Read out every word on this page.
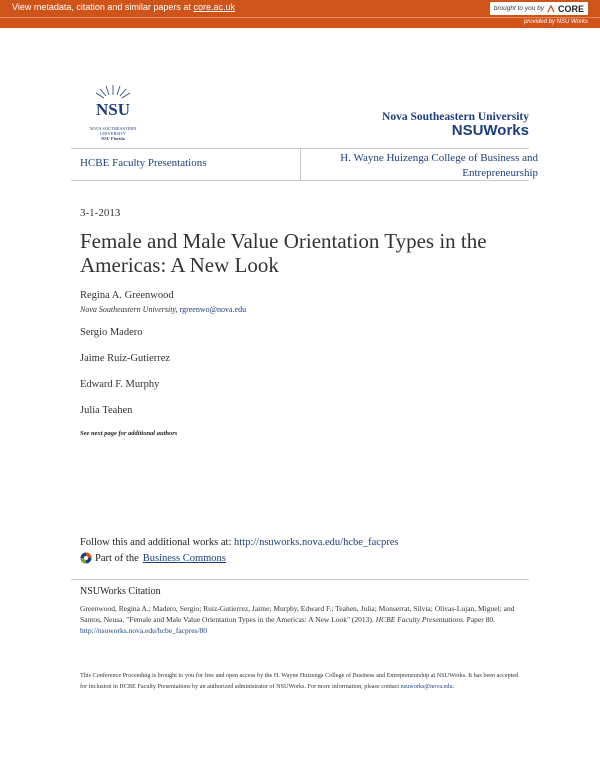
View metadata, citation and similar papers at core.ac.uk	brought to you by CORE
provided by NSU Works
NSU
NOVA SOUTHEASTERN
UNIVERSITY
NSU Florida
Nova Southeastern University
NSUWorks
HCBE Faculty Presentations	H. Wayne Huizenga College of Business and Entrepreneurship
3-1-2013
Female and Male Value Orientation Types in the Americas: A New Look
Regina A. Greenwood
Nova Southeastern University, rgreenwo@nova.edu
Sergio Madero
Jaime Ruiz-Gutierrez
Edward F. Murphy
Julia Teahen
See next page for additional authors
Follow this and additional works at: http://nsuworks.nova.edu/hcbe_facpres
Part of the Business Commons
NSUWorks Citation
Greenwood, Regina A.; Madero, Sergio; Ruiz-Gutierrez, Jaime; Murphy, Edward F.; Teahen, Julia; Monserrat, Silvia; Olivas-Lujan, Miguel; and Santos, Neusa, "Female and Male Value Orientation Types in the Americas: A New Look" (2013). HCBE Faculty Presentations. Paper 80.
http://nsuworks.nova.edu/hcbe_facpres/80
This Conference Proceeding is brought to you for free and open access by the H. Wayne Huizenga College of Business and Entrepreneurship at NSUWorks. It has been accepted for inclusion in HCBE Faculty Presentations by an authorized administrator of NSUWorks. For more information, please contact nsuworks@nova.edu.
